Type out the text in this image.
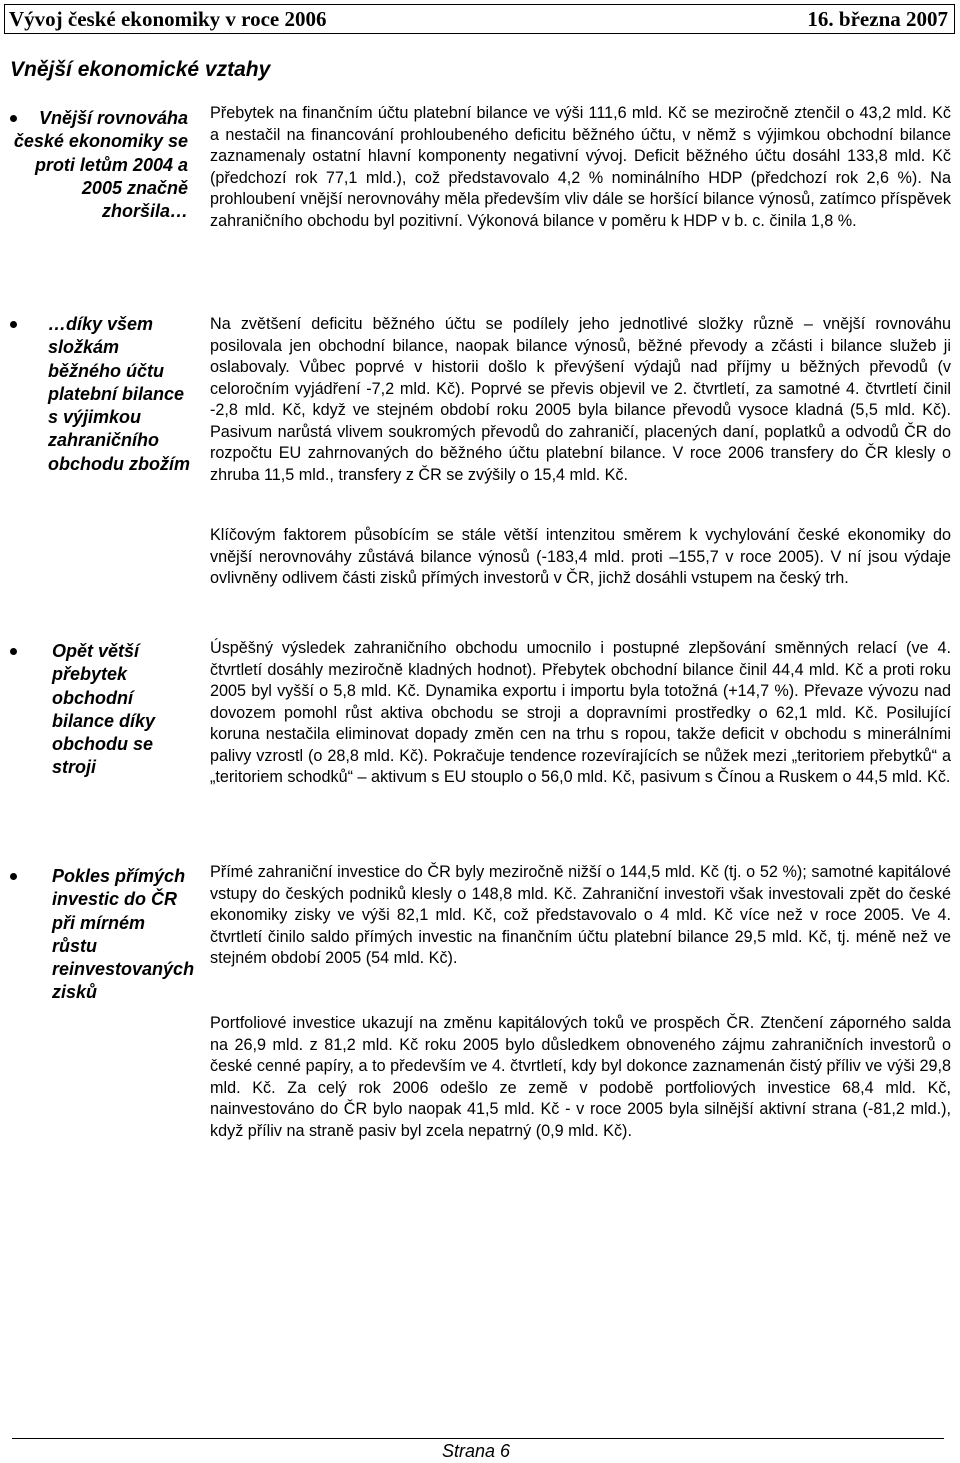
Vývoj české ekonomiky v roce 2006	16. března 2007
Vnější ekonomické vztahy
Vnější rovnováha české ekonomiky se proti letům 2004 a 2005 značně zhoršila…
…díky všem složkám běžného účtu platební bilance s výjimkou zahraničního obchodu zbožím
Opět větší přebytek obchodní bilance díky obchodu se stroji
Pokles přímých investic do ČR při mírném růstu reinvestovaných zisků

Přebytek na finančním účtu platební bilance ve výši 111,6 mld. Kč se meziročně ztenčil o 43,2 mld. Kč a nestačil na financování prohloubeného deficitu běžného účtu, v němž s výjimkou obchodní bilance zaznamenaly ostatní hlavní komponenty negativní vývoj. Deficit běžného účtu dosáhl 133,8 mld. Kč (předchozí rok 77,1 mld.), což představovalo 4,2 % nominálního HDP (předchozí rok 2,6 %). Na prohloubení vnější nerovnováhy měla především vliv dále se horšící bilance výnosů, zatímco příspěvek zahraničního obchodu byl pozitivní. Výkonová bilance v poměru k HDP v b. c. činila 1,8 %.

Na zvětšení deficitu běžného účtu se podílely jeho jednotlivé složky různě – vnější rovnováhu posilovala jen obchodní bilance, naopak bilance výnosů, běžné převody a zčásti i bilance služeb ji oslabovaly. Vůbec poprvé v historii došlo k převýšení výdajů nad příjmy u běžných převodů (v celoročním vyjádření -7,2 mld. Kč). Poprvé se převis objevil ve 2. čtvrtletí, za samotné 4. čtvrtletí činil -2,8 mld. Kč, když ve stejném období roku 2005 byla bilance převodů vysoce kladná (5,5 mld. Kč). Pasivum narůstá vlivem soukromých převodů do zahraničí, placených daní, poplatků a odvodů ČR do rozpočtu EU zahrnovaných do běžného účtu platební bilance. V roce 2006 transfery do ČR klesly o zhruba 11,5 mld., transfery z ČR se zvýšily o 15,4 mld. Kč.

Klíčovým faktorem působícím se stále větší intenzitou směrem k vychylování české ekonomiky do vnější nerovnováhy zůstává bilance výnosů (-183,4 mld. proti –155,7 v roce 2005). V ní jsou výdaje ovlivněny odlivem části zisků přímých investorů v ČR, jichž dosáhli vstupem na český trh.

Úspěšný výsledek zahraničního obchodu umocnilo i postupné zlepšování směnných relací (ve 4. čtvrtletí dosáhly meziročně kladných hodnot). Přebytek obchodní bilance činil 44,4 mld. Kč a proti roku 2005 byl vyšší o 5,8 mld. Kč. Dynamika exportu i importu byla totožná (+14,7 %). Převaze vývozu nad dovozem pomohl růst aktiva obchodu se stroji a dopravními prostředky o 62,1 mld. Kč. Posilující koruna nestačila eliminovat dopady změn cen na trhu s ropou, takže deficit v obchodu s minerálními palivy vzrostl (o 28,8 mld. Kč). Pokračuje tendence rozevírajících se nůžek mezi „teritoriem přebytků“ a „teritoriem schodků“ – aktivum s EU stouplo o 56,0 mld. Kč, pasivum s Čínou a Ruskem o 44,5 mld. Kč.

Přímé zahraniční investice do ČR byly meziročně nižší o 144,5 mld. Kč (tj. o 52 %); samotné kapitálové vstupy do českých podniků klesly o 148,8 mld. Kč. Zahraniční investoři však investovali zpět do české ekonomiky zisky ve výši 82,1 mld. Kč, což představovalo o 4 mld. Kč více než v roce 2005. Ve 4. čtvrtletí činilo saldo přímých investic na finančním účtu platební bilance 29,5 mld. Kč, tj. méně než ve stejném období 2005 (54 mld. Kč).

Portfoliové investice ukazují na změnu kapitálových toků ve prospěch ČR. Ztenčení záporného salda na 26,9 mld. z 81,2 mld. Kč roku 2005 bylo důsledkem obnoveného zájmu zahraničních investorů o české cenné papíry, a to především ve 4. čtvrtletí, kdy byl dokonce zaznamenán čistý příliv ve výši 29,8 mld. Kč. Za celý rok 2006 odešlo ze země v podobě portfoliových investice 68,4 mld. Kč, nainvestováno do ČR bylo naopak 41,5 mld. Kč - v roce 2005 byla silnější aktivní strana (-81,2 mld.), když příliv na straně pasiv byl zcela nepatrný (0,9 mld. Kč).

Strana 6
